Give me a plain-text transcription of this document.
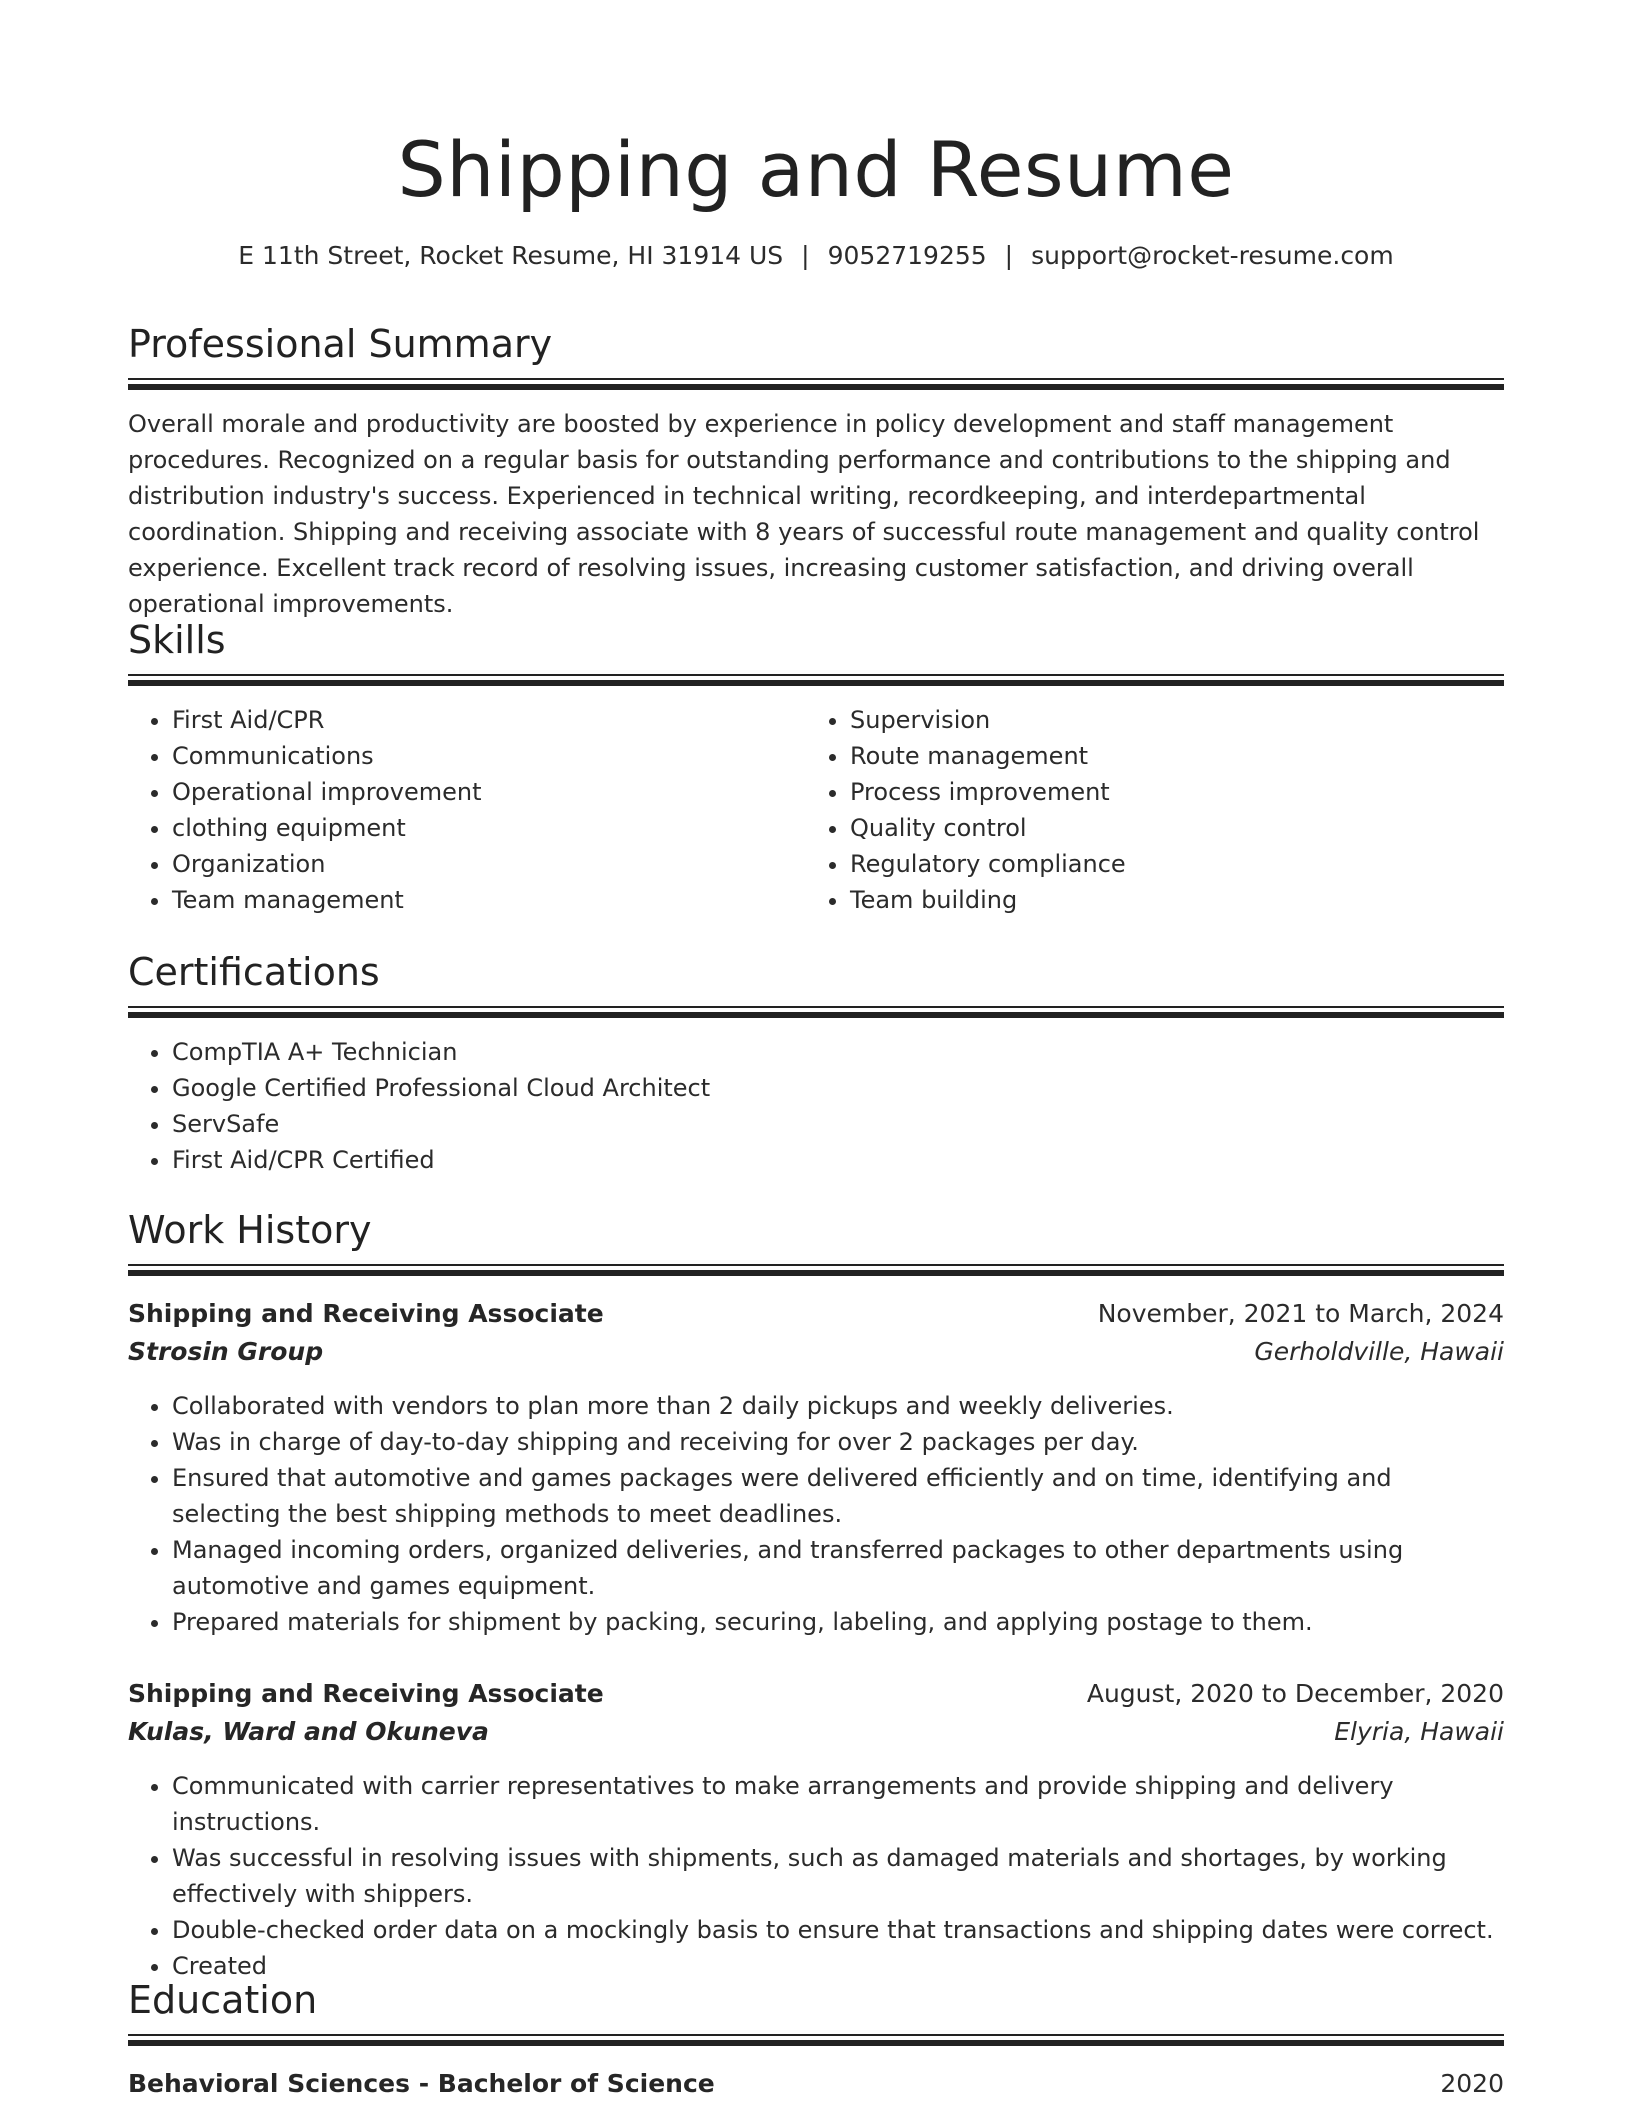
Shipping and Resume
E 11th Street, Rocket Resume, HI 31914 US | 9052719255 | support@rocket-resume.com
Professional Summary

Overall morale and productivity are boosted by experience in policy development and staff management procedures. Recognized on a regular basis for outstanding performance and contributions to the shipping and distribution industry's success. Experienced in technical writing, recordkeeping, and interdepartmental coordination. Shipping and receiving associate with 8 years of successful route management and quality control experience. Excellent track record of resolving issues, increasing customer satisfaction, and driving overall operational improvements.

Skills
• First Aid/CPR
• Communications
• Operational improvement
• clothing equipment
• Organization
• Team management
• Supervision
• Route management
• Process improvement
• Quality control
• Regulatory compliance
• Team building
Certifications
• CompTIA A+ Technician
• Google Certified Professional Cloud Architect
• ServSafe
• First Aid/CPR Certified
Work History
Shipping and Receiving Associate	November, 2021 to March, 2024
Strosin Group	Gerholdville, Hawaii
• Collaborated with vendors to plan more than 2 daily pickups and weekly deliveries.
• Was in charge of day-to-day shipping and receiving for over 2 packages per day.
• Ensured that automotive and games packages were delivered efficiently and on time, identifying and selecting the best shipping methods to meet deadlines.
• Managed incoming orders, organized deliveries, and transferred packages to other departments using automotive and games equipment.
• Prepared materials for shipment by packing, securing, labeling, and applying postage to them.
Shipping and Receiving Associate	August, 2020 to December, 2020
Kulas, Ward and Okuneva	Elyria, Hawaii
• Communicated with carrier representatives to make arrangements and provide shipping and delivery instructions.
• Was successful in resolving issues with shipments, such as damaged materials and shortages, by working effectively with shippers.
• Double-checked order data on a mockingly basis to ensure that transactions and shipping dates were correct.
• Created
Education
Behavioral Sciences - Bachelor of Science	2020
